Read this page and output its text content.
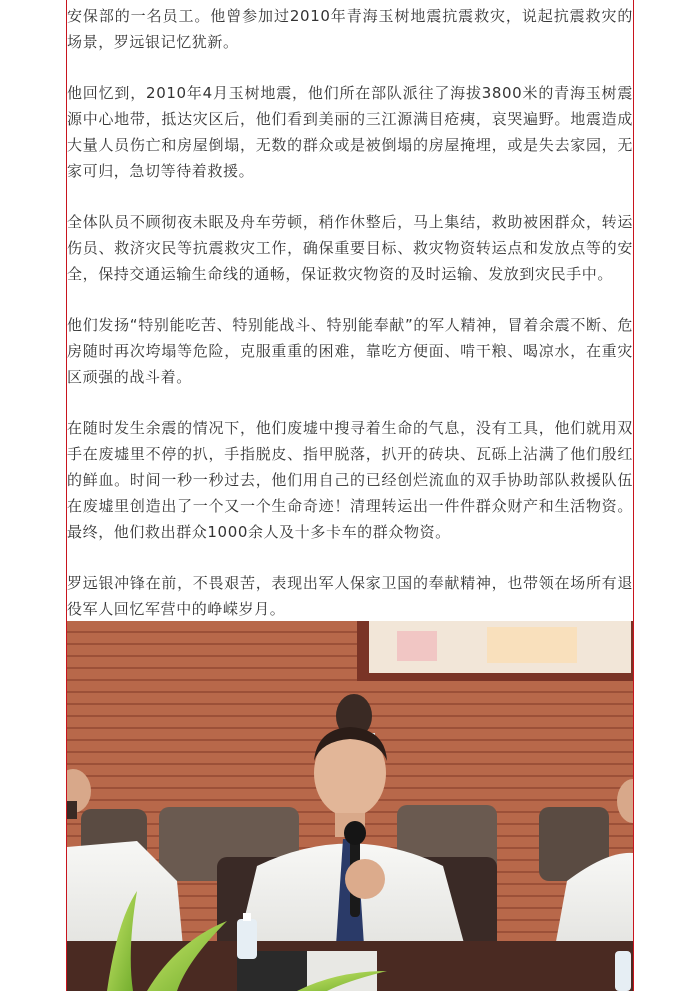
安保部的一名员工。他曾参加过2010年青海玉树地震抗震救灾，说起抗震救灾的场景，罗远银记忆犹新。

他回忆到，2010年4月玉树地震，他们所在部队派往了海拔3800米的青海玉树震源中心地带，抵达灾区后，他们看到美丽的三江源满目疮痍，哀哭遍野。地震造成大量人员伤亡和房屋倒塌，无数的群众或是被倒塌的房屋掩埋，或是失去家园，无家可归，急切等待着救援。

全体队员不顾彻夜未眠及舟车劳顿，稍作休整后，马上集结，救助被困群众，转运伤员、救济灾民等抗震救灾工作，确保重要目标、救灾物资转运点和发放点等的安全，保持交通运输生命线的通畅，保证救灾物资的及时运输、发放到灾民手中。

他们发扬“特别能吃苦、特别能战斗、特别能奉献”的军人精神，冒着余震不断、危房随时再次垮塌等危险，克服重重的困难，靠吃方便面、啃干粮、喝凉水，在重灾区顽强的战斗着。

在随时发生余震的情况下，他们废墟中搜寻着生命的气息，没有工具，他们就用双手在废墟里不停的扒，手指脱皮、指甲脱落，扒开的砖块、瓦砾上沾满了他们殷红的鲜血。时间一秒一秒过去，他们用自己的已经创烂流血的双手协助部队救援队伍在废墟里创造出了一个又一个生命奇迹！清理转运出一件件群众财产和生活物资。最终，他们救出群众1000余人及十多卡车的群众物资。

罗远银冲锋在前，不畏艰苦，表现出军人保家卫国的奉献精神，也带领在场所有退役军人回忆军营中的峥嵘岁月。
